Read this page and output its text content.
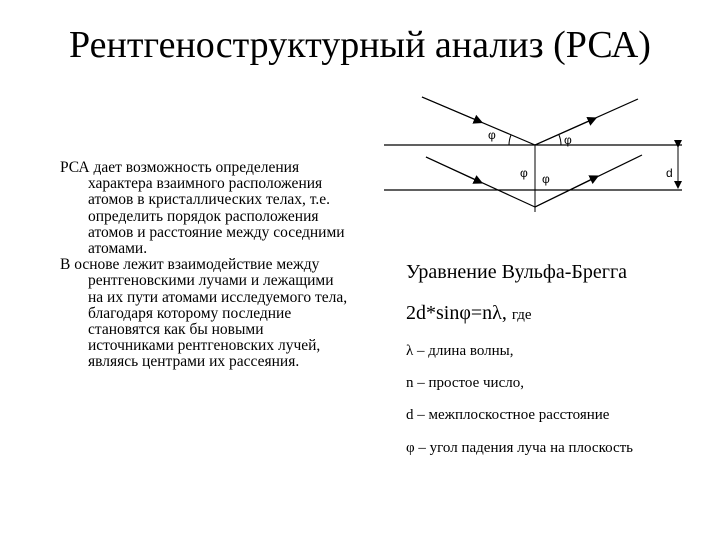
Рентгеноструктурный анализ (РСА)

РСА дает возможность определения характера взаимного расположения атомов в кристаллических телах, т.е. определить порядок расположения атомов и расстояние между соседними атомами.

В основе лежит взаимодействие между рентгеновскими лучами и лежащими на их пути атомами исследуемого тела, благодаря которому последние становятся как бы новыми источниками рентгеновских лучей, являясь центрами их рассеяния.

φ	φ
φ φ	d
Уравнение Вульфа-Брегга
2d*sinφ=nλ, где
λ – длина волны,
n – простое число,
d – межплоскостное расстояние
φ – угол падения луча на плоскость
